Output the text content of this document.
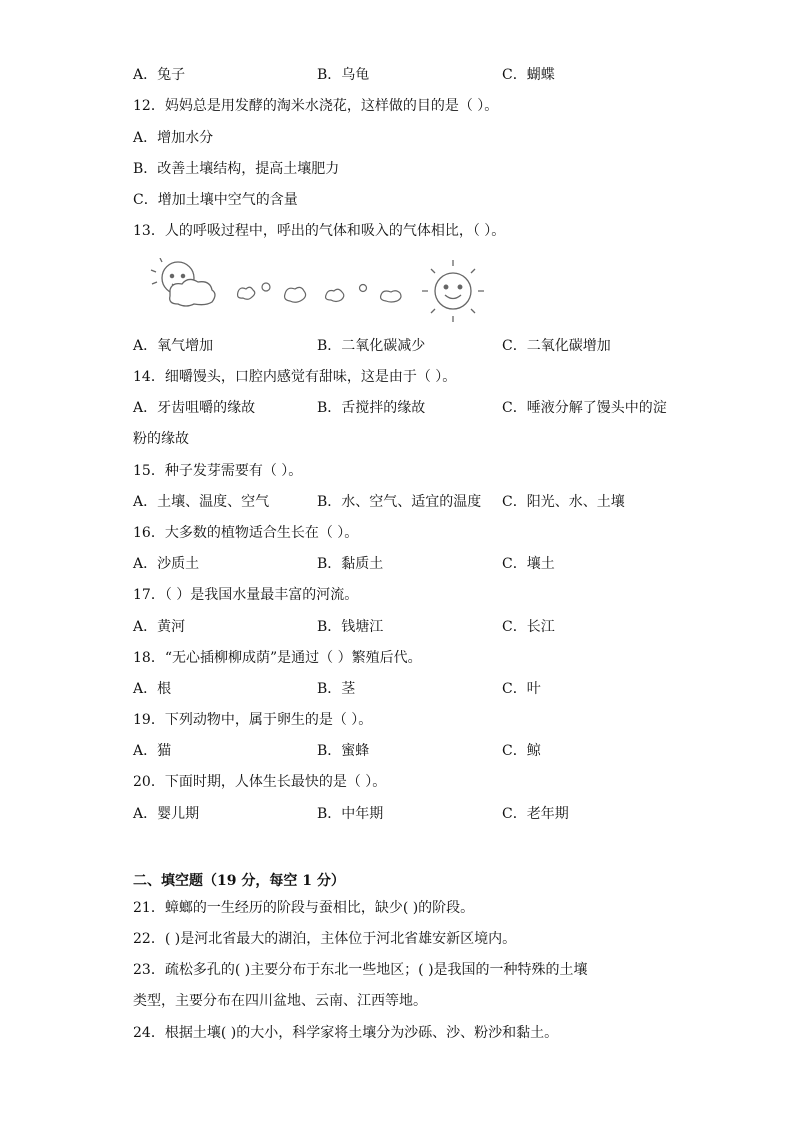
A．兔子	B．乌龟	C．蝴蝶
12．妈妈总是用发酵的淘米水浇花，这样做的目的是（ ）。
A．增加水分
B．改善土壤结构，提高土壤肥力
C．增加土壤中空气的含量
13．人的呼吸过程中，呼出的气体和吸入的气体相比，（ ）。
A．氧气增加	B．二氧化碳减少	C．二氧化碳增加
14．细嚼馒头，口腔内感觉有甜味，这是由于（ ）。
A．牙齿咀嚼的缘故	B．舌搅拌的缘故	C．唾液分解了馒头中的淀
粉的缘故
15．种子发芽需要有（ ）。
A．土壤、温度、空气	B．水、空气、适宜的温度 C．阳光、水、土壤
16．大多数的植物适合生长在（ ）。
A．沙质土	B．黏质土	C．壤土
17．（ ）是我国水量最丰富的河流。
A．黄河	B．钱塘江	C．长江
18．“无心插柳柳成荫”是通过（ ）繁殖后代。
A．根	B．茎	C．叶
19．下列动物中，属于卵生的是（ ）。
A．猫	B．蜜蜂	C．鲸
20．下面时期，人体生长最快的是（ ）。
A．婴儿期	B．中年期	C．老年期
二、填空题（19 分，每空 1 分）
21．蟑螂的一生经历的阶段与蚕相比，缺少( )的阶段。
22．( )是河北省最大的湖泊，主体位于河北省雄安新区境内。
23．疏松多孔的( )主要分布于东北一些地区；( )是我国的一种特殊的土壤
类型，主要分布在四川盆地、云南、江西等地。
24．根据土壤( )的大小，科学家将土壤分为沙砾、沙、粉沙和黏土。
